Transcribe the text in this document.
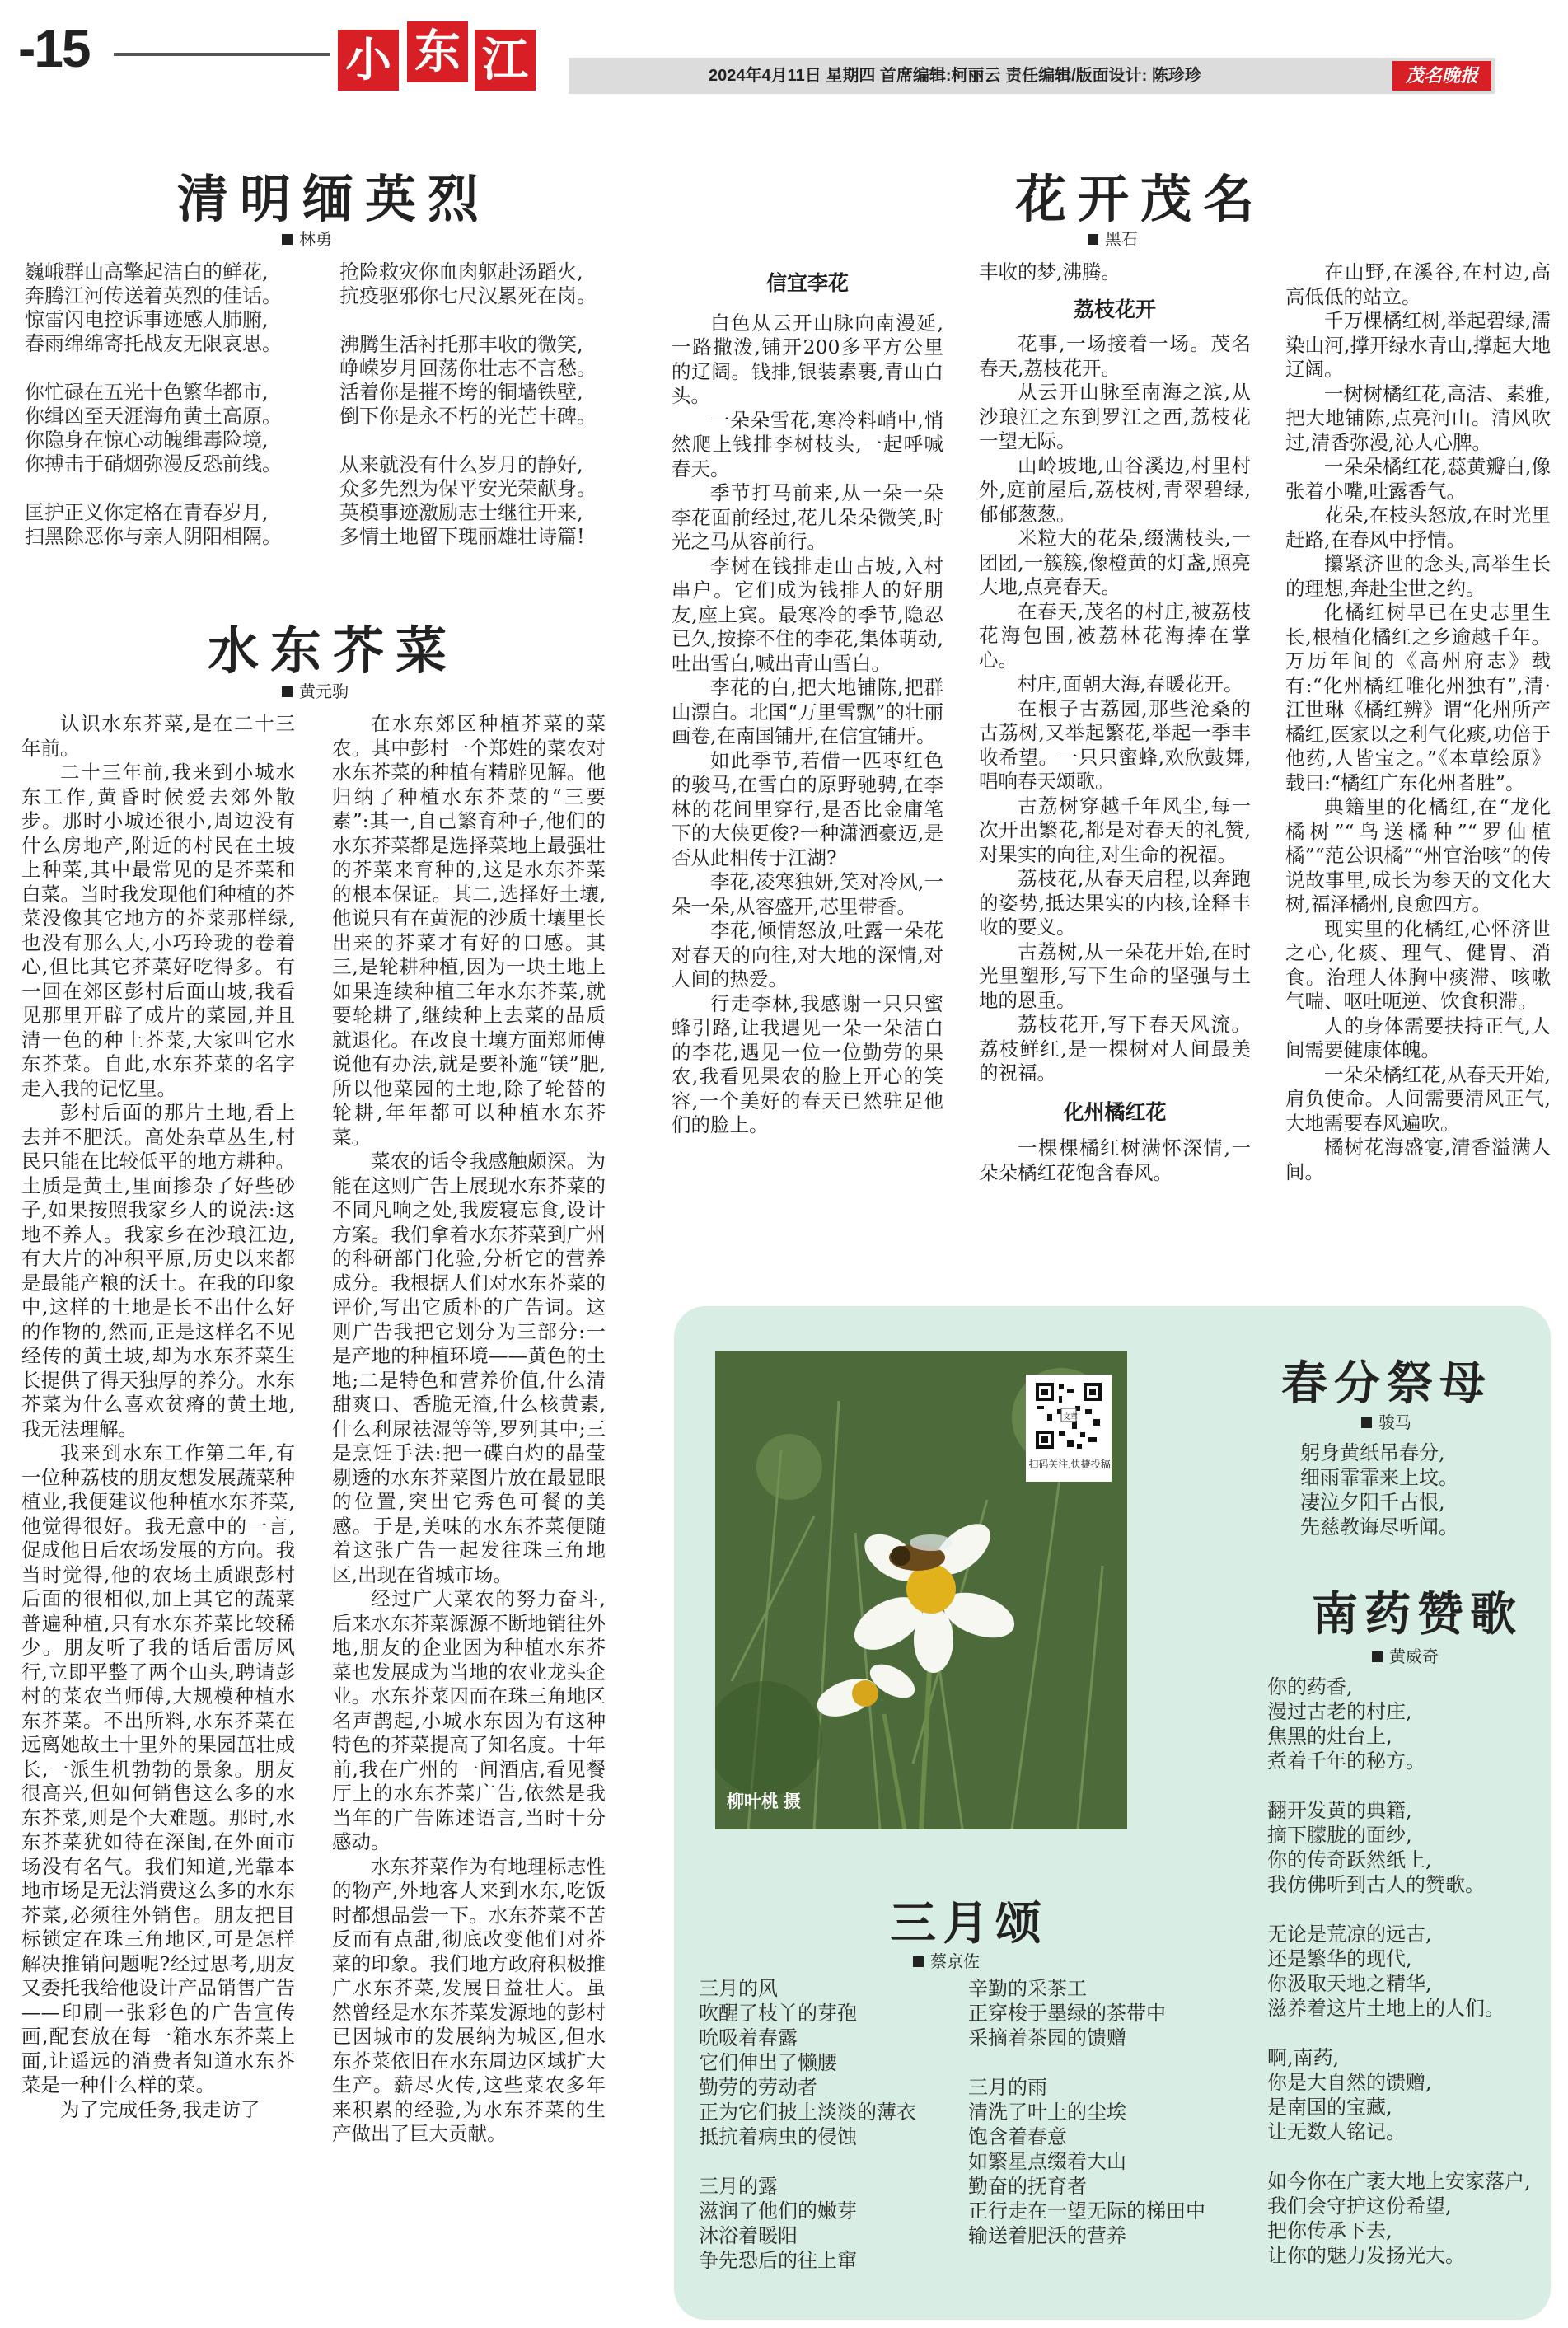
-15	小 东 江	2024年4月11日 星期四 首席编辑:柯丽云 责任编辑/版面设计: 陈珍珍	茂名晚报
清明缅英烈
林勇

巍峨群山高擎起洁白的鲜花,

奔腾江河传送着英烈的佳话。

惊雷闪电控诉事迹感人肺腑,

春雨绵绵寄托战友无限哀思。

你忙碌在五光十色繁华都市,

你缉凶至天涯海角黄土高原。

你隐身在惊心动魄缉毒险境,

你搏击于硝烟弥漫反恐前线。

匡护正义你定格在青春岁月,

扫黑除恶你与亲人阴阳相隔。

抢险救灾你血肉躯赴汤蹈火,

抗疫驱邪你七尺汉累死在岗。

沸腾生活衬托那丰收的微笑,

峥嵘岁月回荡你壮志不言愁。

活着你是摧不垮的铜墙铁壁,

倒下你是永不朽的光芒丰碑。

从来就没有什么岁月的静好,

众多先烈为保平安光荣献身。

英模事迹激励志士继往开来,

多情土地留下瑰丽雄壮诗篇!

水东芥菜
黄元驹

认识水东芥菜,是在二十三年前。

二十三年前,我来到小城水东工作,黄昏时候爱去郊外散步。那时小城还很小,周边没有什么房地产,附近的村民在土坡上种菜,其中最常见的是芥菜和白菜。当时我发现他们种植的芥菜没像其它地方的芥菜那样绿,也没有那么大,小巧玲珑的卷着心,但比其它芥菜好吃得多。有一回在郊区彭村后面山坡,我看见那里开辟了成片的菜园,并且清一色的种上芥菜,大家叫它水东芥菜。自此,水东芥菜的名字走入我的记忆里。

彭村后面的那片土地,看上去并不肥沃。高处杂草丛生,村民只能在比较低平的地方耕种。土质是黄土,里面掺杂了好些砂子,如果按照我家乡人的说法:这地不养人。我家乡在沙琅江边,有大片的冲积平原,历史以来都是最能产粮的沃土。在我的印象中,这样的土地是长不出什么好的作物的,然而,正是这样名不见经传的黄土坡,却为水东芥菜生长提供了得天独厚的养分。水东芥菜为什么喜欢贫瘠的黄土地,我无法理解。

我来到水东工作第二年,有一位种荔枝的朋友想发展蔬菜种植业,我便建议他种植水东芥菜,他觉得很好。我无意中的一言,促成他日后农场发展的方向。我当时觉得,他的农场土质跟彭村后面的很相似,加上其它的蔬菜普遍种植,只有水东芥菜比较稀少。朋友听了我的话后雷厉风行,立即平整了两个山头,聘请彭村的菜农当师傅,大规模种植水东芥菜。不出所料,水东芥菜在远离她故土十里外的果园茁壮成长,一派生机勃勃的景象。朋友很高兴,但如何销售这么多的水东芥菜,则是个大难题。那时,水东芥菜犹如待在深闺,在外面市场没有名气。我们知道,光靠本地市场是无法消费这么多的水东芥菜,必须往外销售。朋友把目标锁定在珠三角地区,可是怎样解决推销问题呢?经过思考,朋友又委托我给他设计产品销售广告——印刷一张彩色的广告宣传画,配套放在每一箱水东芥菜上面,让遥远的消费者知道水东芥菜是一种什么样的菜。

为了完成任务,我走访了

在水东郊区种植芥菜的菜农。其中彭村一个郑姓的菜农对水东芥菜的种植有精辟见解。他归纳了种植水东芥菜的“三要素”:其一,自己繁育种子,他们的水东芥菜都是选择菜地上最强壮的芥菜来育种的,这是水东芥菜的根本保证。其二,选择好土壤,他说只有在黄泥的沙质土壤里长出来的芥菜才有好的口感。其三,是轮耕种植,因为一块土地上如果连续种植三年水东芥菜,就要轮耕了,继续种上去菜的品质就退化。在改良土壤方面郑师傅说他有办法,就是要补施“镁”肥,所以他菜园的土地,除了轮替的轮耕,年年都可以种植水东芥菜。

菜农的话令我感触颇深。为能在这则广告上展现水东芥菜的不同凡响之处,我废寝忘食,设计方案。我们拿着水东芥菜到广州的科研部门化验,分析它的营养成分。我根据人们对水东芥菜的评价,写出它质朴的广告词。这则广告我把它划分为三部分:一是产地的种植环境——黄色的土地;二是特色和营养价值,什么清甜爽口、香脆无渣,什么核黄素,什么利尿祛湿等等,罗列其中;三是烹饪手法:把一碟白灼的晶莹剔透的水东芥菜图片放在最显眼的位置,突出它秀色可餐的美感。于是,美味的水东芥菜便随着这张广告一起发往珠三角地区,出现在省城市场。

经过广大菜农的努力奋斗,后来水东芥菜源源不断地销往外地,朋友的企业因为种植水东芥菜也发展成为当地的农业龙头企业。水东芥菜因而在珠三角地区名声鹊起,小城水东因为有这种特色的芥菜提高了知名度。十年前,我在广州的一间酒店,看见餐厅上的水东芥菜广告,依然是我当年的广告陈述语言,当时十分感动。

水东芥菜作为有地理标志性的物产,外地客人来到水东,吃饭时都想品尝一下。水东芥菜不苦反而有点甜,彻底改变他们对芥菜的印象。我们地方政府积极推广水东芥菜,发展日益壮大。虽然曾经是水东芥菜发源地的彭村已因城市的发展纳为城区,但水东芥菜依旧在水东周边区域扩大生产。薪尽火传,这些菜农多年来积累的经验,为水东芥菜的生产做出了巨大贡献。

花开茂名
黑石
信宜李花

白色从云开山脉向南漫延,一路撒泼,铺开200多平方公里的辽阔。钱排,银装素裹,青山白头。

一朵朵雪花,寒冷料峭中,悄然爬上钱排李树枝头,一起呼喊春天。

季节打马前来,从一朵一朵李花面前经过,花儿朵朵微笑,时光之马从容前行。

李树在钱排走山占坡,入村串户。它们成为钱排人的好朋友,座上宾。最寒冷的季节,隐忍已久,按捺不住的李花,集体萌动,吐出雪白,喊出青山雪白。

李花的白,把大地铺陈,把群山漂白。北国“万里雪飘”的壮丽画卷,在南国铺开,在信宜铺开。

如此季节,若借一匹枣红色的骏马,在雪白的原野驰骋,在李林的花间里穿行,是否比金庸笔下的大侠更俊?一种潇洒豪迈,是否从此相传于江湖?

李花,凌寒独妍,笑对冷风,一朵一朵,从容盛开,芯里带香。

李花,倾情怒放,吐露一朵花对春天的向往,对大地的深情,对人间的热爱。

行走李林,我感谢一只只蜜蜂引路,让我遇见一朵一朵洁白的李花,遇见一位一位勤劳的果农,我看见果农的脸上开心的笑容,一个美好的春天已然驻足他们的脸上。

丰收的梦,沸腾。
荔枝花开

花事,一场接着一场。茂名春天,荔枝花开。

从云开山脉至南海之滨,从沙琅江之东到罗江之西,荔枝花一望无际。

山岭坡地,山谷溪边,村里村外,庭前屋后,荔枝树,青翠碧绿,郁郁葱葱。

米粒大的花朵,缀满枝头,一团团,一簇簇,像橙黄的灯盏,照亮大地,点亮春天。

在春天,茂名的村庄,被荔枝花海包围,被荔林花海捧在掌心。

村庄,面朝大海,春暖花开。

在根子古荔园,那些沧桑的古荔树,又举起繁花,举起一季丰收希望。一只只蜜蜂,欢欣鼓舞,唱响春天颂歌。

古荔树穿越千年风尘,每一次开出繁花,都是对春天的礼赞,对果实的向往,对生命的祝福。

荔枝花,从春天启程,以奔跑的姿势,抵达果实的内核,诠释丰收的要义。

古荔树,从一朵花开始,在时光里塑形,写下生命的坚强与土地的恩重。

荔枝花开,写下春天风流。荔枝鲜红,是一棵树对人间最美的祝福。

化州橘红花

一棵棵橘红树满怀深情,一朵朵橘红花饱含春风。

在山野,在溪谷,在村边,高高低低的站立。

千万棵橘红树,举起碧绿,濡染山河,撑开绿水青山,撑起大地辽阔。

一树树橘红花,高洁、素雅,把大地铺陈,点亮河山。清风吹过,清香弥漫,沁人心脾。

一朵朵橘红花,蕊黄瓣白,像张着小嘴,吐露香气。

花朵,在枝头怒放,在时光里赶路,在春风中抒情。

攥紧济世的念头,高举生长的理想,奔赴尘世之约。

化橘红树早已在史志里生长,根植化橘红之乡逾越千年。万历年间的《高州府志》载有:“化州橘红唯化州独有”,清·江世琳《橘红辨》谓“化州所产橘红,医家以之利气化痰,功倍于他药,人皆宝之。”《本草绘原》载曰:“橘红广东化州者胜”。

典籍里的化橘红,在“龙化橘树”“鸟送橘种”“罗仙植橘”“范公识橘”“州官治咳”的传说故事里,成长为参天的文化大树,福泽橘州,良愈四方。

现实里的化橘红,心怀济世之心,化痰、理气、健胃、消食。治理人体胸中痰滞、咳嗽气喘、呕吐呃逆、饮食积滞。

人的身体需要扶持正气,人间需要健康体魄。

一朵朵橘红花,从春天开始,肩负使命。人间需要清风正气,大地需要春风遍吹。

橘树花海盛宴,清香溢满人间。

柳叶桃 摄
文章
扫码关注,快捷投稿
春分祭母
骏马

躬身黄纸吊春分,

细雨霏霏来上坟。

凄泣夕阳千古恨,

先慈教诲尽听闻。

南药赞歌
黄威奇

你的药香,

漫过古老的村庄,

焦黑的灶台上,

煮着千年的秘方。

翻开发黄的典籍,

摘下朦胧的面纱,

你的传奇跃然纸上,

我仿佛听到古人的赞歌。

无论是荒凉的远古,

还是繁华的现代,

你汲取天地之精华,

滋养着这片土地上的人们。

啊,南药,

你是大自然的馈赠,

是南国的宝藏,

让无数人铭记。

如今你在广袤大地上安家落户,

我们会守护这份希望,

把你传承下去,

让你的魅力发扬光大。

三月颂
蔡京佐

三月的风

吹醒了枝丫的芽孢

吮吸着春露

它们伸出了懒腰

勤劳的劳动者

正为它们披上淡淡的薄衣

抵抗着病虫的侵蚀

三月的露

滋润了他们的嫩芽

沐浴着暖阳

争先恐后的往上窜

辛勤的采茶工

正穿梭于墨绿的茶带中

采摘着茶园的馈赠

三月的雨

清洗了叶上的尘埃

饱含着春意

如繁星点缀着大山

勤奋的抚育者

正行走在一望无际的梯田中

输送着肥沃的营养
